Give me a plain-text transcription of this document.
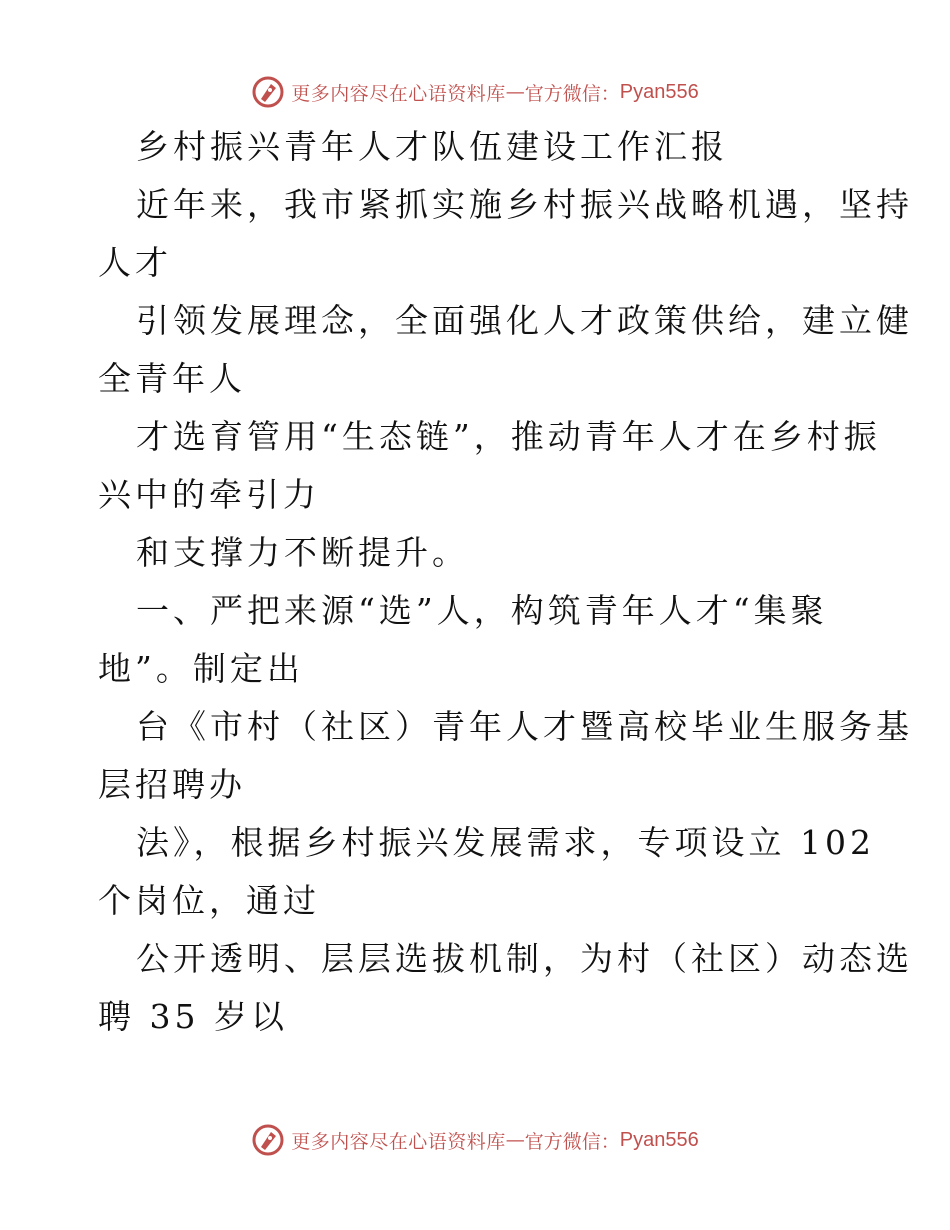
更多内容尽在心语资料库 — 官方微信： Pyan556
乡村振兴青年人才队伍建设工作汇报
近年来，我市紧抓实施乡村振兴战略机遇，坚持
人才
引领发展理念，全面强化人才政策供给，建立健
全青年人
才选育管用“生态链”，推动青年人才在乡村振
兴中的牵引力
和支撑力不断提升。
一、严把来源“选”人，构筑青年人才“集聚
地”。制定出
台《市村（社区）青年人才暨高校毕业生服务基
层招聘办
法》，根据乡村振兴发展需求，专项设立 102
个岗位，通过
公开透明、层层选拔机制，为村（社区）动态选
聘 35 岁以
更多内容尽在心语资料库 — 官方微信： Pyan556
